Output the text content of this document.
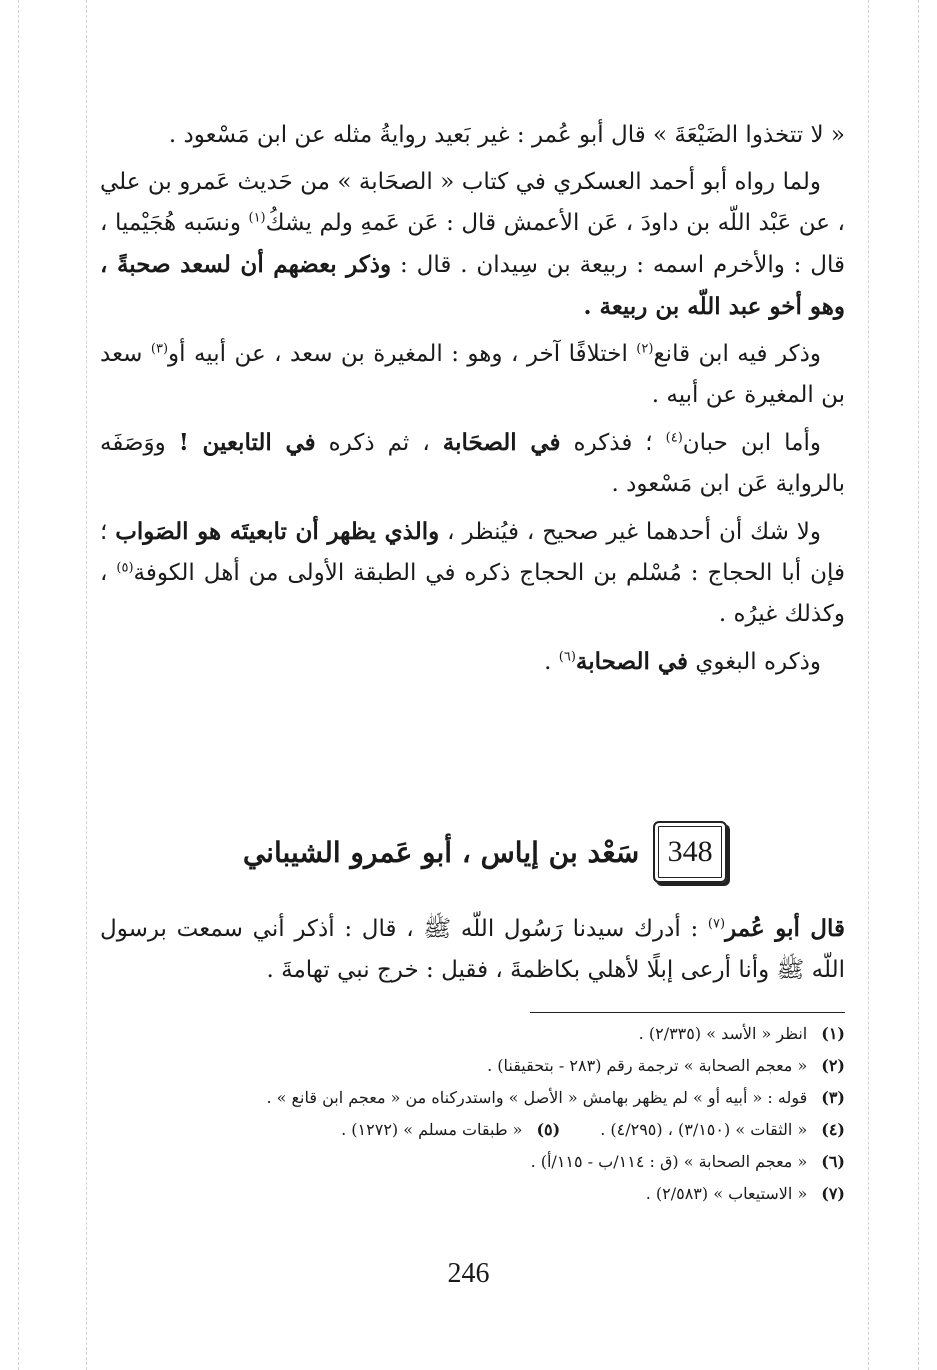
« لا تتخذوا الضَيْعَةَ » قال أبو عُمر : غير بَعيد روايةُ مثله عن ابن مَسْعود .

ولما رواه أبو أحمد العسكري في كتاب « الصحَابة » من حَديث عَمرو بن علي ، عن عَبْد اللّه بن داودَ ، عَن الأعمش قال : عَن عَمهِ ولم يشكُ$^{(١)}$ ونسَبه هُجَيْميا ، قال : والأخرم اسمه : ربيعة بن سِيدان . قال : وذكر بعضهم أن لسعد صحبةً ، وهو أخو عبد اللّه بن ربيعة .

وذكر فيه ابن قانع$^{(٢)}$ اختلافًا آخر ، وهو : المغيرة بن سعد ، عن أبيه أو$^{(٣)}$ سعد بن المغيرة عن أبيه .

وأما ابن حبان$^{(٤)}$ ؛ فذكره في الصحَابة ، ثم ذكره في التابعين ! ووَصَفَه بالرواية عَن ابن مَسْعود .

ولا شك أن أحدهما غير صحيح ، فيُنظر ، والذي يظهر أن تابعيتَه هو الصَواب ؛ فإن أبا الحجاج : مُسْلم بن الحجاج ذكره في الطبقة الأولى من أهل الكوفة$^{(٥)}$ ، وكذلك غيرُه .

وذكره البغوي في الصحابة$^{(٦)}$ .

348
سَعْد بن إياس ، أبو عَمرو الشيباني

قال أبو عُمر$^{(٧)}$ : أدرك سيدنا رَسُول اللّه ﷺ ، قال : أذكر أني سمعت برسول اللّه ﷺ وأنا أرعى إبلًا لأهلي بكاظمةَ ، فقيل : خرج نبي تهامةَ .

(١)انظر « الأسد » (٢/٣٣٥) .
(٢)« معجم الصحابة » ترجمة رقم (٢٨٣ - بتحقيقنا) .
(٣)قوله : « أبيه أو » لم يظهر بهامش « الأصل » واستدركناه من « معجم ابن قانع » .
(٤)« الثقات » (٣/١٥٠) ، (٤/٢٩٥) .(٥)« طبقات مسلم » (١٢٧٢) .
(٦)« معجم الصحابة » (ق : ١١٤/ب - ١١٥/أ) .
(٧)« الاستيعاب » (٢/٥٨٣) .
246
